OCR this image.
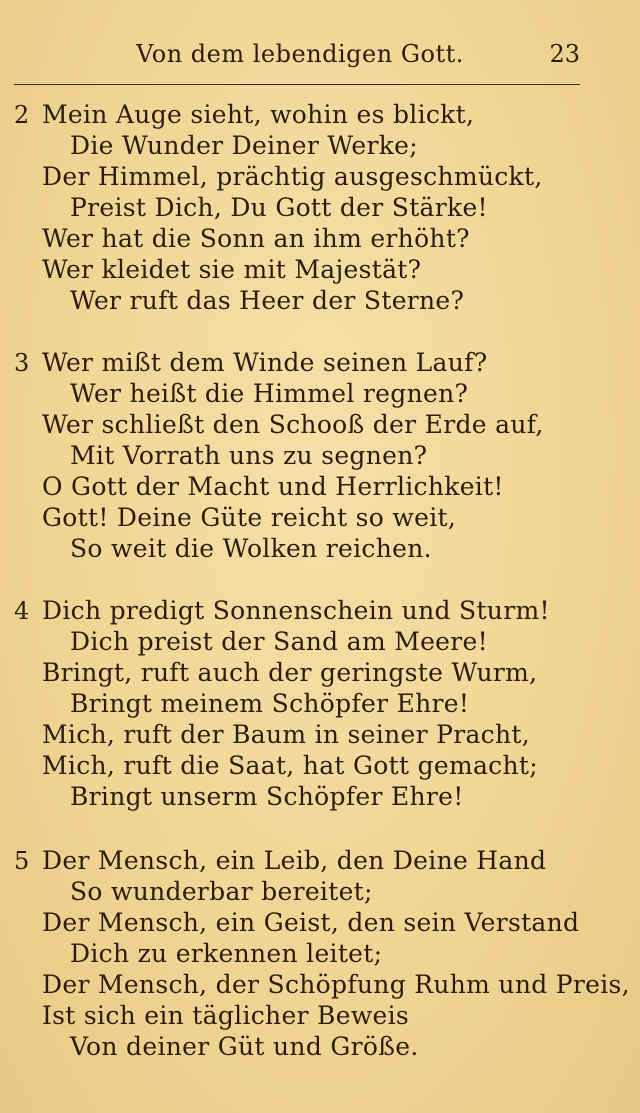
Von dem lebendigen Gott.	23
2 Mein Auge sieht, wohin es blickt,
Die Wunder Deiner Werke;
Der Himmel, prächtig ausgeschmückt,
Preist Dich, Du Gott der Stärke!
Wer hat die Sonn an ihm erhöht?
Wer kleidet sie mit Majestät?
Wer ruft das Heer der Sterne?
3 Wer mißt dem Winde seinen Lauf?
Wer heißt die Himmel regnen?
Wer schließt den Schooß der Erde auf,
Mit Vorrath uns zu segnen?
O Gott der Macht und Herrlichkeit!
Gott! Deine Güte reicht so weit,
So weit die Wolken reichen.
4 Dich predigt Sonnenschein und Sturm!
Dich preist der Sand am Meere!
Bringt, ruft auch der geringste Wurm,
Bringt meinem Schöpfer Ehre!
Mich, ruft der Baum in seiner Pracht,
Mich, ruft die Saat, hat Gott gemacht;
Bringt unserm Schöpfer Ehre!
5 Der Mensch, ein Leib, den Deine Hand
So wunderbar bereitet;
Der Mensch, ein Geist, den sein Verstand
Dich zu erkennen leitet;
Der Mensch, der Schöpfung Ruhm und Preis,
Ist sich ein täglicher Beweis
Von deiner Güt und Größe.
